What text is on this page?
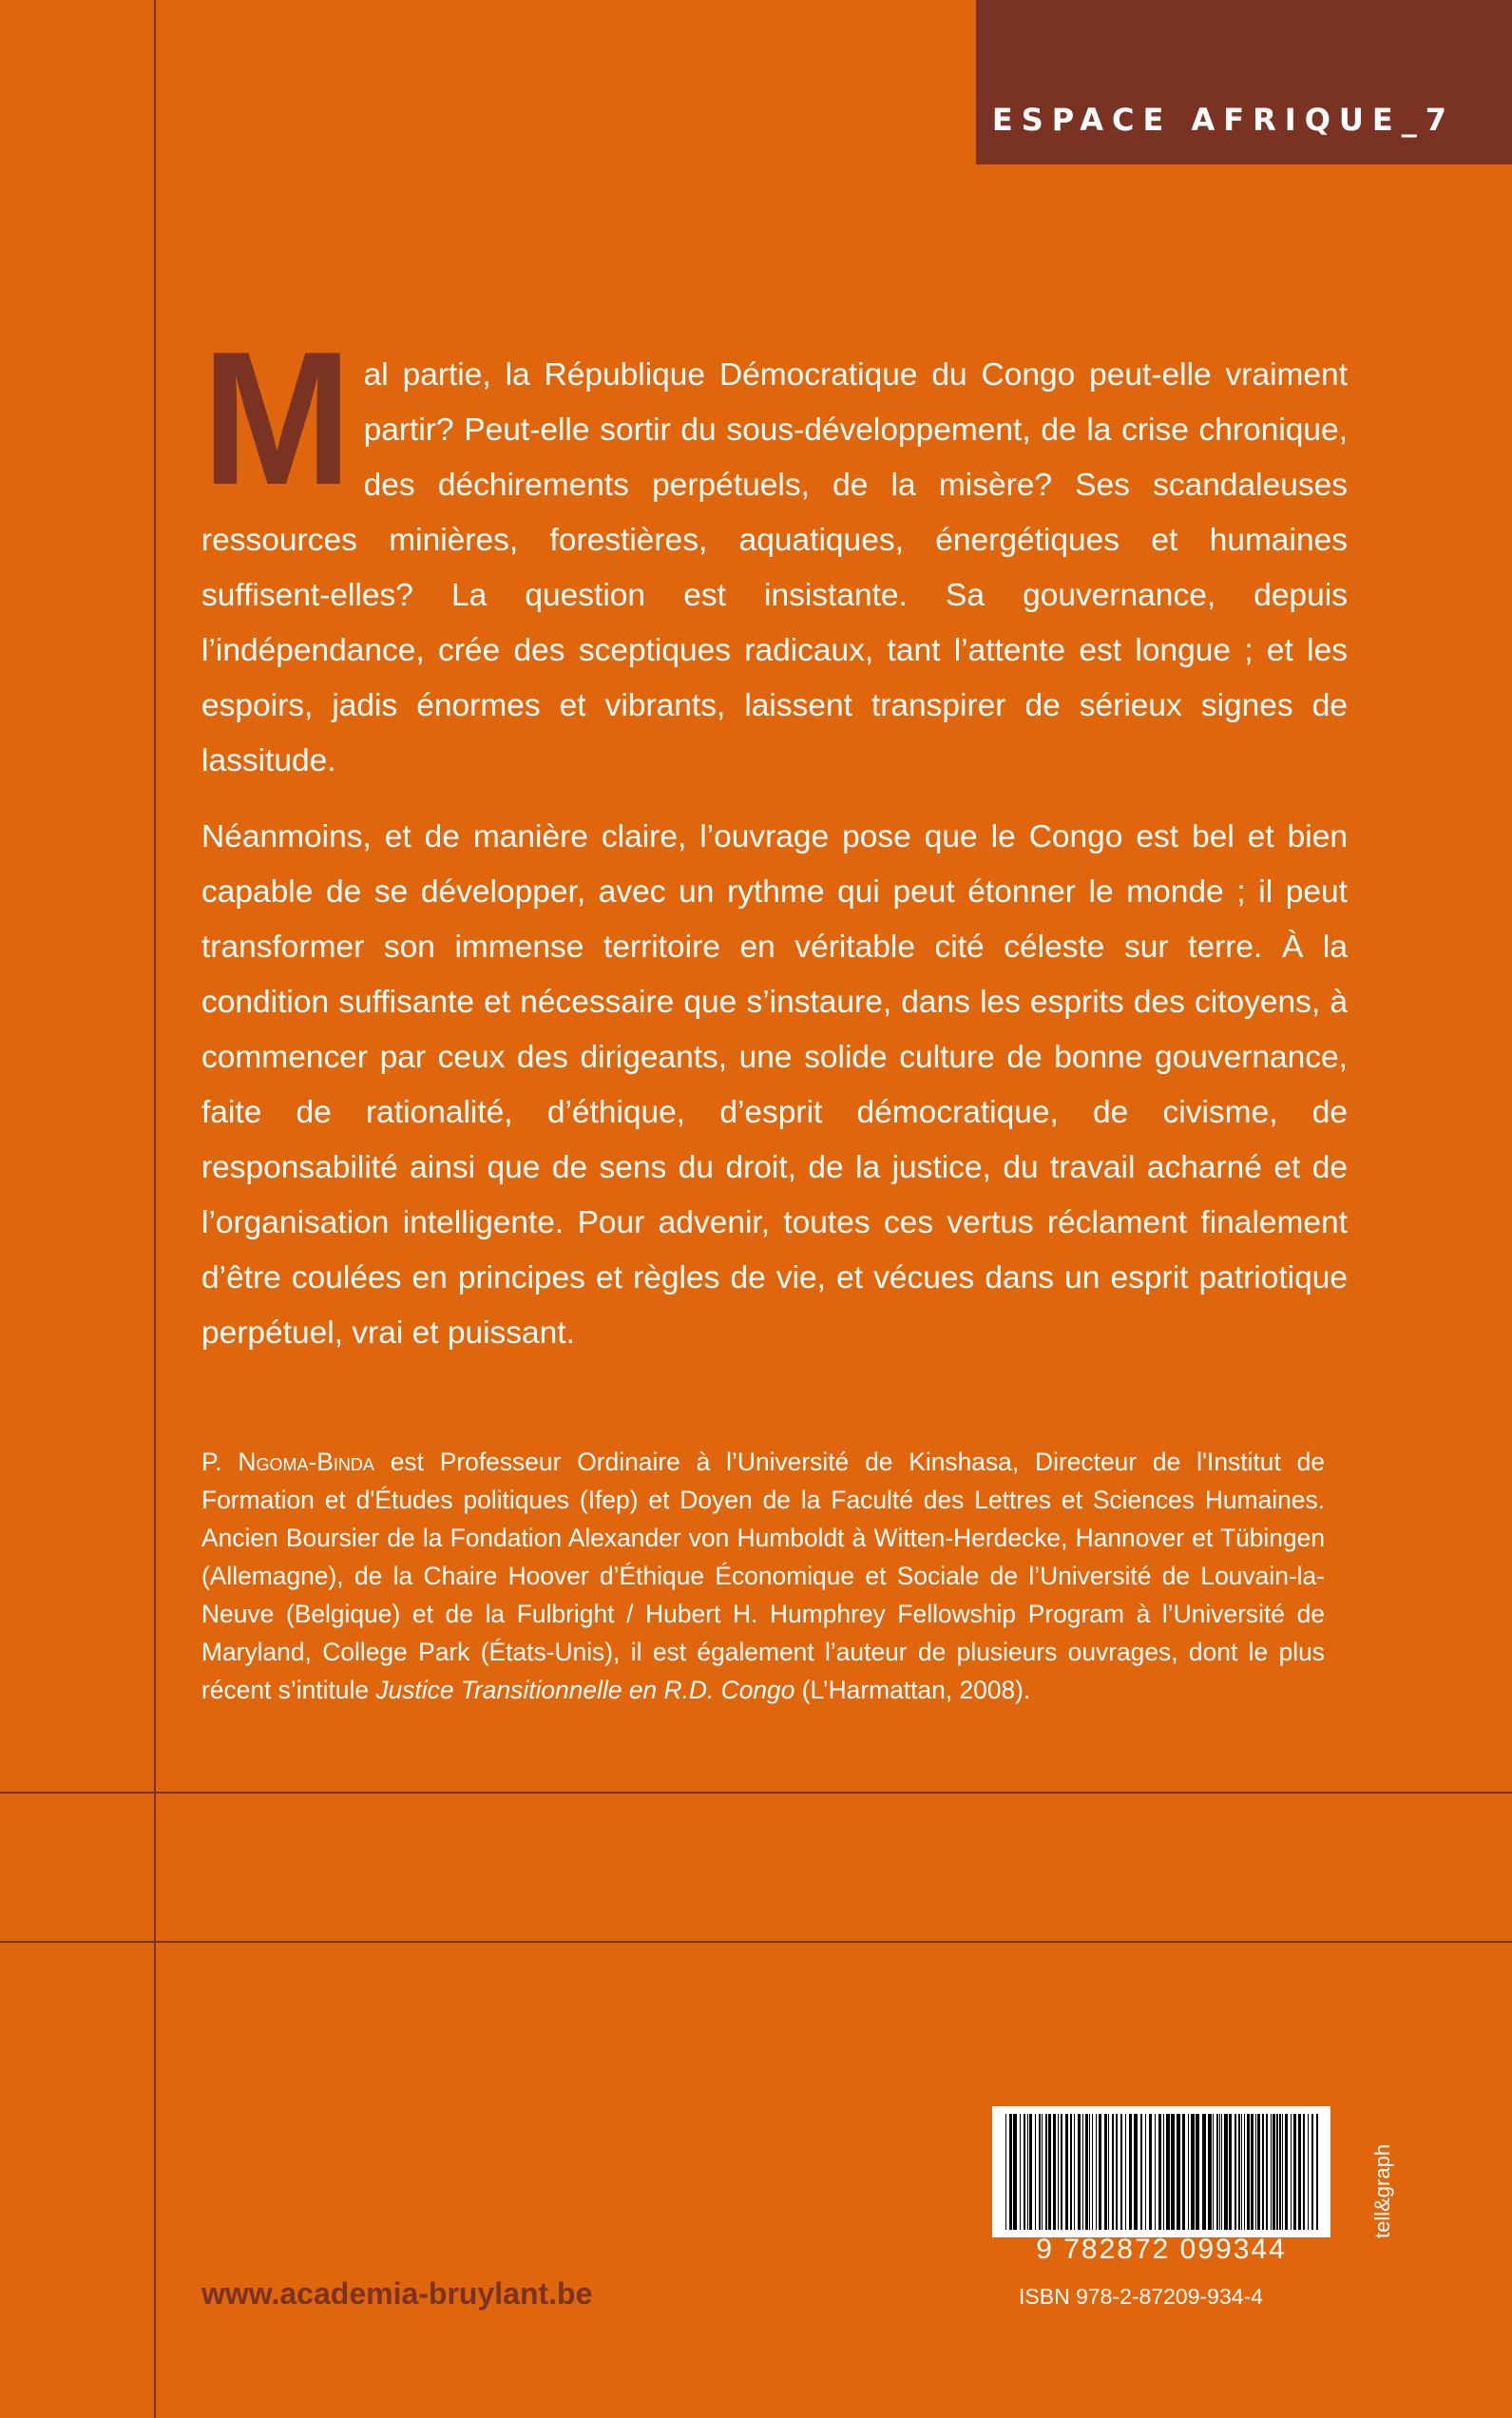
ESPACE AFRIQUE_7

Mal partie, la République Démocratique du Congo peut-elle vraiment partir? Peut-elle sortir du sous-développement, de la crise chronique, des déchirements perpétuels, de la misère? Ses scandaleuses ressources minières, forestières, aquatiques, énergétiques et humaines suffisent-elles? La question est insistante. Sa gouvernance, depuis l’indépendance, crée des sceptiques radicaux, tant l’attente est longue ; et les espoirs, jadis énormes et vibrants, laissent transpirer de sérieux signes de lassitude.

Néanmoins, et de manière claire, l’ouvrage pose que le Congo est bel et bien capable de se développer, avec un rythme qui peut étonner le monde ; il peut transformer son immense territoire en véritable cité céleste sur terre. À la condition suffisante et nécessaire que s’instaure, dans les esprits des citoyens, à commencer par ceux des dirigeants, une solide culture de bonne gouvernance, faite de rationalité, d’éthique, d’esprit démocratique, de civisme, de responsabilité ainsi que de sens du droit, de la justice, du travail acharné et de l’organisation intelligente. Pour advenir, toutes ces vertus réclament finalement d’être coulées en principes et règles de vie, et vécues dans un esprit patriotique perpétuel, vrai et puissant.

P. Ngoma-Binda est Professeur Ordinaire à l’Université de Kinshasa, Directeur de l'Institut de Formation et d'Études politiques (Ifep) et Doyen de la Faculté des Lettres et Sciences Humaines. Ancien Boursier de la Fondation Alexander von Humboldt à Witten-Herdecke, Hannover et Tübingen (Allemagne), de la Chaire Hoover d’Éthique Économique et Sociale de l’Université de Louvain-la-Neuve (Belgique) et de la Fulbright / Hubert H. Humphrey Fellowship Program à l’Université de Maryland, College Park (États-Unis), il est également l’auteur de plusieurs ouvrages, dont le plus récent s’intitule Justice Transitionnelle en R.D. Congo (L’Harmattan, 2008).

www.academia-bruylant.be
9 782872 099344
ISBN 978-2-87209-934-4
tell&graph
